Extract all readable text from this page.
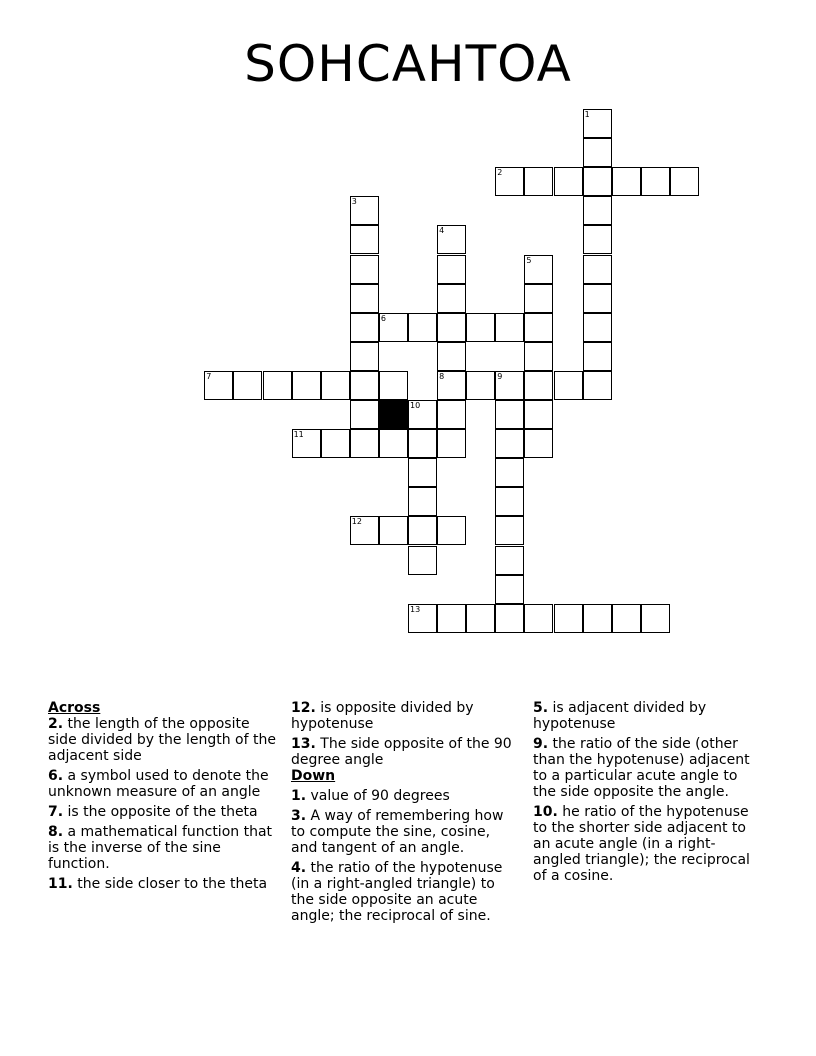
SOHCAHTOA
1
2
3
4
5
6
7	8	9
10
11
12
13

Across

2. the length of the opposite side divided by the length of the adjacent side

6. a symbol used to denote the unknown measure of an angle

7. is the opposite of the theta

8. a mathematical function that is the inverse of the sine function.

11. the side closer to the theta

12. is opposite divided by hypotenuse

13. The side opposite of the 90 degree angle

Down

1. value of 90 degrees

3. A way of remembering how to compute the sine, cosine, and tangent of an angle.

4. the ratio of the hypotenuse (in a right-angled triangle) to the side opposite an acute angle; the reciprocal of sine.

5. is adjacent divided by hypotenuse

9. the ratio of the side (other than the hypotenuse) adjacent to a particular acute angle to the side opposite the angle.

10. he ratio of the hypotenuse to the shorter side adjacent to an acute angle (in a right-angled triangle); the reciprocal of a cosine.
